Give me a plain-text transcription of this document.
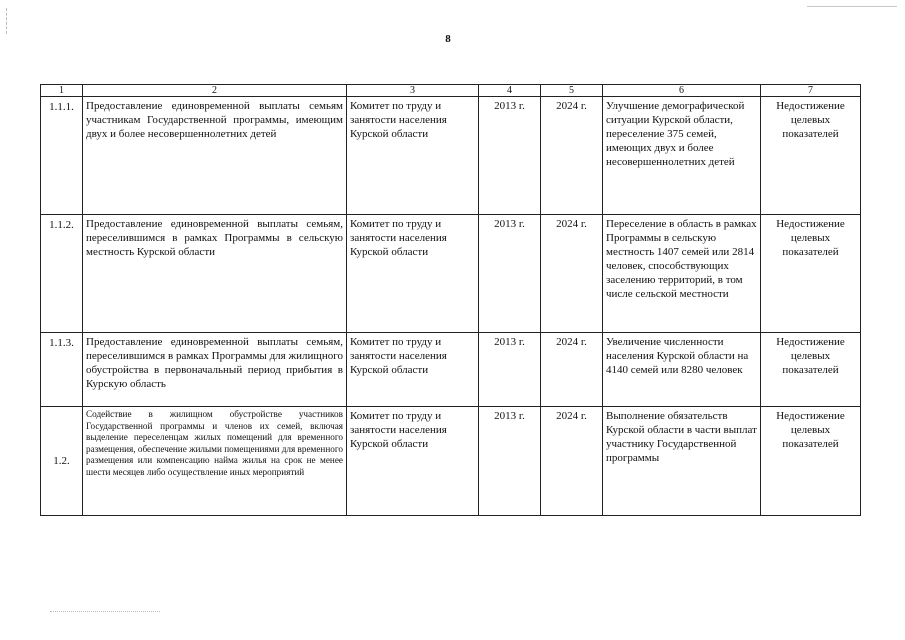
8
1	2	3	4	5	6	7
1.1.1.	Предоставление единовременной выплаты семьям участникам Государственной программы, имеющим двух и более несовершеннолетних детей	Комитет по труду и занятости населения Курской области	2013 г.	2024 г.	Улучшение демографической ситуации Курской области, переселение 375 семей, имеющих двух и более несовершеннолетних детей	Недостижение целевых показателей
1.1.2.	Предоставление единовременной выплаты семьям, переселившимся в рамках Программы в сельскую местность Курской области	Комитет по труду и занятости населения Курской области	2013 г.	2024 г.	Переселение в область в рамках Программы в сельскую местность 1407 семей или 2814 человек, способствующих заселению территорий, в том числе сельской местности	Недостижение целевых показателей
1.1.3.	Предоставление единовременной выплаты семьям, переселившимся в рамках Программы для жилищного обустройства в первоначальный период прибытия в Курскую область	Комитет по труду и занятости населения Курской области	2013 г.	2024 г.	Увеличение численности населения Курской области на 4140 семей или 8280 человек	Недостижение целевых показателей
1.2.	Содействие в жилищном обустройстве участников Государственной программы и членов их семей, включая выделение переселенцам жилых помещений для временного размещения, обеспечение жилыми помещениями для временного размещения или компенсацию найма жилья на срок не менее шести месяцев либо осуществление иных мероприятий	Комитет по труду и занятости населения Курской области	2013 г.	2024 г.	Выполнение обязательств Курской области в части выплат участнику Государственной программы	Недостижение целевых показателей
